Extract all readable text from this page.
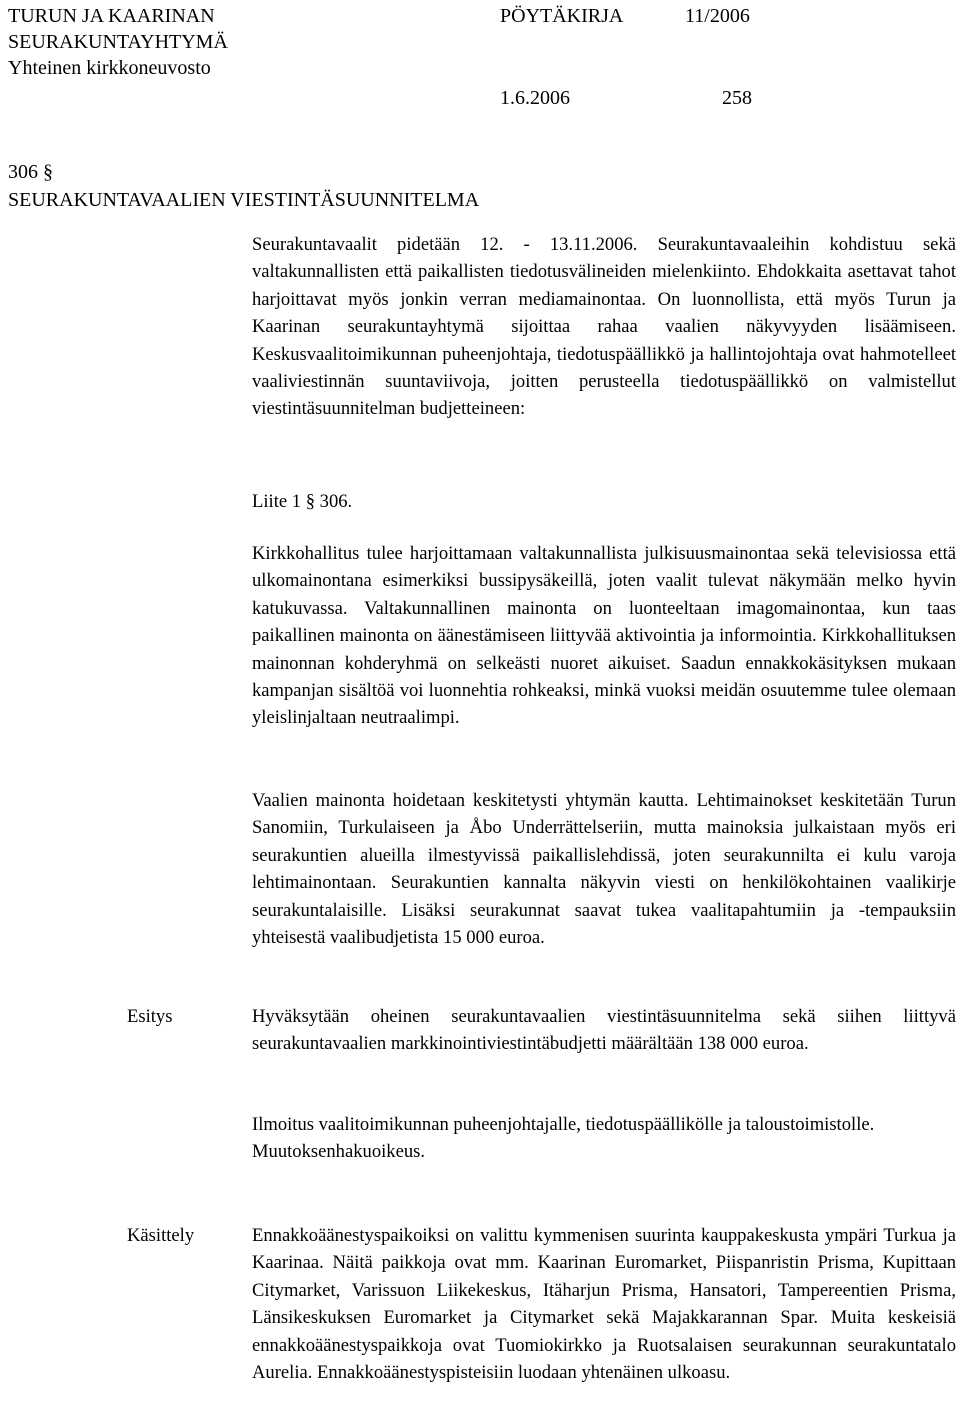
TURUN JA KAARINAN
SEURAKUNTAYHTYMÄ
Yhteinen kirkkoneuvosto
PÖYTÄKIRJA	11/2006
1.6.2006	258
306 §
SEURAKUNTAVAALIEN VIESTINTÄSUUNNITELMA

Seurakuntavaalit pidetään 12. - 13.11.2006. Seurakuntavaaleihin kohdistuu sekä valtakunnallisten että paikallisten tiedotusvälineiden mielenkiinto. Ehdokkaita asettavat tahot harjoittavat myös jonkin verran mediamainontaa. On luonnollista, että myös Turun ja Kaarinan seurakuntayhtymä sijoittaa rahaa vaalien näkyvyyden lisäämiseen. Keskusvaalitoimikunnan puheenjohtaja, tiedotuspäällikkö ja hallintojohtaja ovat hahmotelleet vaaliviestinnän suuntaviivoja, joitten perusteella tiedotuspäällikkö on valmistellut viestintäsuunnitelman budjetteineen:

Liite 1 § 306.

Kirkkohallitus tulee harjoittamaan valtakunnallista julkisuusmainontaa sekä televisiossa että ulkomainontana esimerkiksi bussipysäkeillä, joten vaalit tulevat näkymään melko hyvin katukuvassa. Valtakunnallinen mainonta on luonteeltaan imagomainontaa, kun taas paikallinen mainonta on äänestämiseen liittyvää aktivointia ja informointia. Kirkkohallituksen mainonnan kohderyhmä on selkeästi nuoret aikuiset. Saadun ennakkokäsityksen mukaan kampanjan sisältöä voi luonnehtia rohkeaksi, minkä vuoksi meidän osuutemme tulee olemaan yleislinjaltaan neutraalimpi.

Vaalien mainonta hoidetaan keskitetysti yhtymän kautta. Lehtimainokset keskitetään Turun Sanomiin, Turkulaiseen ja Åbo Underrättelseriin, mutta mainoksia julkaistaan myös eri seurakuntien alueilla ilmestyvissä paikallislehdissä, joten seurakunnilta ei kulu varoja lehtimainontaan. Seurakuntien kannalta näkyvin viesti on henkilökohtainen vaalikirje seurakuntalaisille. Lisäksi seurakunnat saavat tukea vaalitapahtumiin ja -tempauksiin yhteisestä vaalibudjetista 15 000 euroa.

Esitys	Hyväksytään oheinen seurakuntavaalien viestintäsuunnitelma sekä siihen liittyvä seurakuntavaalien markkinointiviestintäbudjetti määrältään 138 000 euroa.

Ilmoitus vaalitoimikunnan puheenjohtajalle, tiedotuspäällikölle ja taloustoimistolle.

Muutoksenhakuoikeus.

Käsittely	Ennakkoäänestyspaikoiksi on valittu kymmenisen suurinta kauppakeskusta ympäri Turkua ja Kaarinaa. Näitä paikkoja ovat mm. Kaarinan Euromarket, Piispanristin Prisma, Kupittaan Citymarket, Varissuon Liikekeskus, Itäharjun Prisma, Hansatori, Tampereentien Prisma, Länsikeskuksen Euromarket ja Citymarket sekä Majakkarannan Spar. Muita keskeisiä ennakkoäänestyspaikkoja ovat Tuomiokirkko ja Ruotsalaisen seurakunnan seurakuntatalo Aurelia. Ennakkoäänestyspisteisiin luodaan yhtenäinen ulkoasu.
